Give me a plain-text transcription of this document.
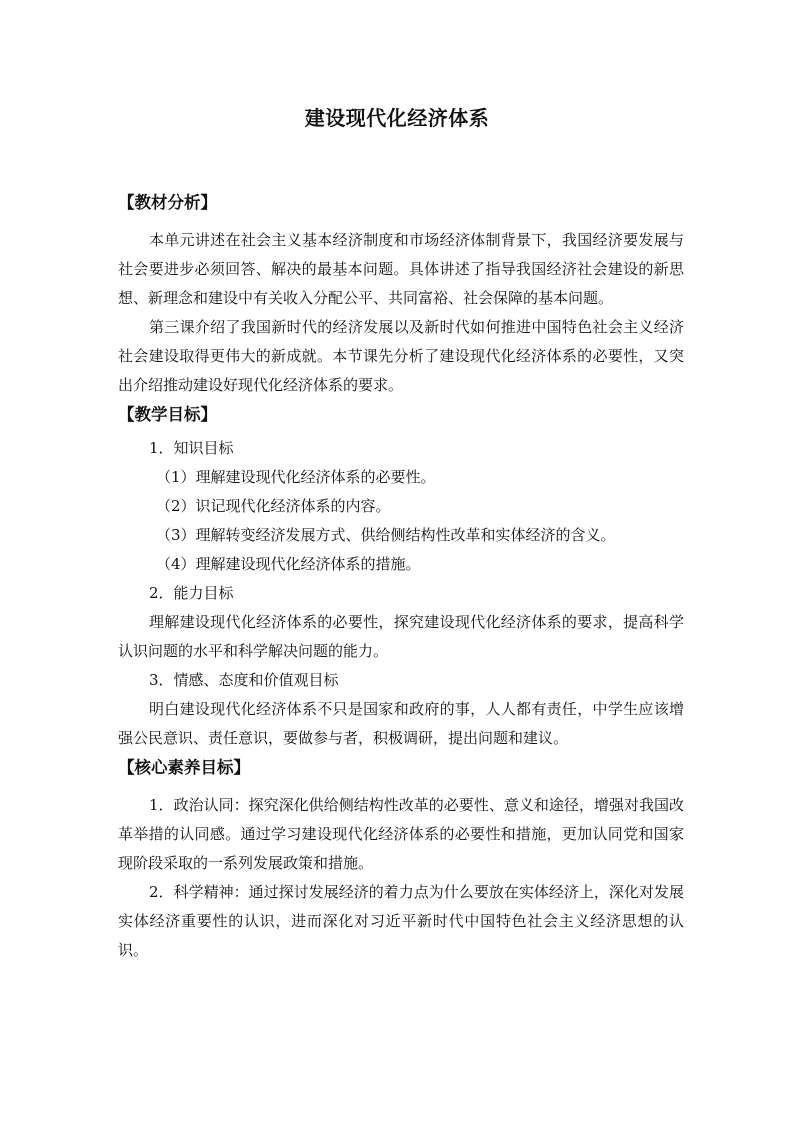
建设现代化经济体系
【教材分析】

本单元讲述在社会主义基本经济制度和市场经济体制背景下，我国经济要发展与社会要进步必须回答、解决的最基本问题。具体讲述了指导我国经济社会建设的新思想、新理念和建设中有关收入分配公平、共同富裕、社会保障的基本问题。

第三课介绍了我国新时代的经济发展以及新时代如何推进中国特色社会主义经济社会建设取得更伟大的新成就。本节课先分析了建设现代化经济体系的必要性，又突出介绍推动建设好现代化经济体系的要求。

【教学目标】

1．知识目标

（1）理解建设现代化经济体系的必要性。

（2）识记现代化经济体系的内容。

（3）理解转变经济发展方式、供给侧结构性改革和实体经济的含义。

（4）理解建设现代化经济体系的措施。

2．能力目标

理解建设现代化经济体系的必要性，探究建设现代化经济体系的要求，提高科学认识问题的水平和科学解决问题的能力。

3．情感、态度和价值观目标

明白建设现代化经济体系不只是国家和政府的事，人人都有责任，中学生应该增强公民意识、责任意识，要做参与者，积极调研，提出问题和建议。

【核心素养目标】

1．政治认同：探究深化供给侧结构性改革的必要性、意义和途径，增强对我国改革举措的认同感。通过学习建设现代化经济体系的必要性和措施，更加认同党和国家现阶段采取的一系列发展政策和措施。

2．科学精神：通过探讨发展经济的着力点为什么要放在实体经济上，深化对发展实体经济重要性的认识，进而深化对习近平新时代中国特色社会主义经济思想的认识。
